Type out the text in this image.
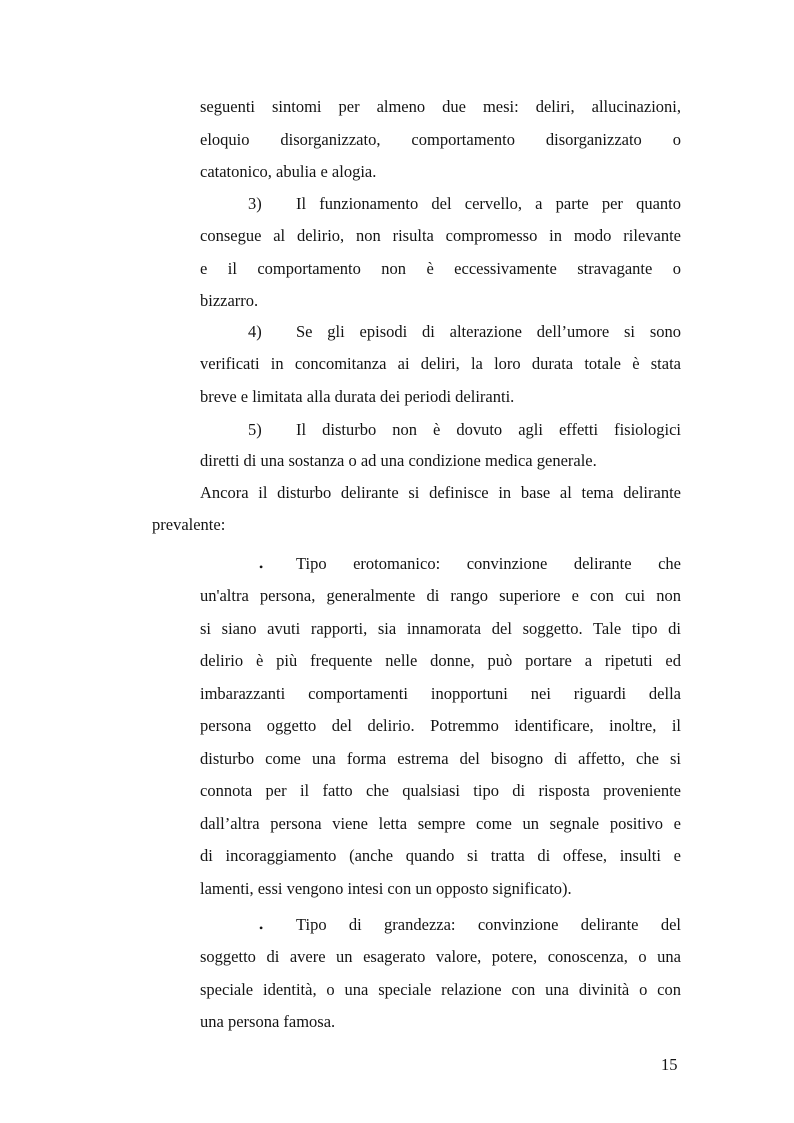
seguenti sintomi per almeno due mesi: deliri, allucinazioni,
eloquio disorganizzato, comportamento disorganizzato o
catatonico, abulia e alogia.
3) Il funzionamento del cervello, a parte per quanto
consegue al delirio, non risulta compromesso in modo rilevante
e il comportamento non è eccessivamente stravagante o
bizzarro.
4) Se gli episodi di alterazione dell’umore si sono
verificati in concomitanza ai deliri, la loro durata totale è stata
breve e limitata alla durata dei periodi deliranti.
5) Il disturbo non è dovuto agli effetti fisiologici
diretti di una sostanza o ad una condizione medica generale.
Ancora il disturbo delirante si definisce in base al tema delirante
prevalente:
• Tipo erotomanico: convinzione delirante che
un'altra persona, generalmente di rango superiore e con cui non
si siano avuti rapporti, sia innamorata del soggetto. Tale tipo di
delirio è più frequente nelle donne, può portare a ripetuti ed
imbarazzanti comportamenti inopportuni nei riguardi della
persona oggetto del delirio. Potremmo identificare, inoltre, il
disturbo come una forma estrema del bisogno di affetto, che si
connota per il fatto che qualsiasi tipo di risposta proveniente
dall’altra persona viene letta sempre come un segnale positivo e
di incoraggiamento (anche quando si tratta di offese, insulti e
lamenti, essi vengono intesi con un opposto significato).
• Tipo di grandezza: convinzione delirante del
soggetto di avere un esagerato valore, potere, conoscenza, o una
speciale identità, o una speciale relazione con una divinità o con
una persona famosa.
15
